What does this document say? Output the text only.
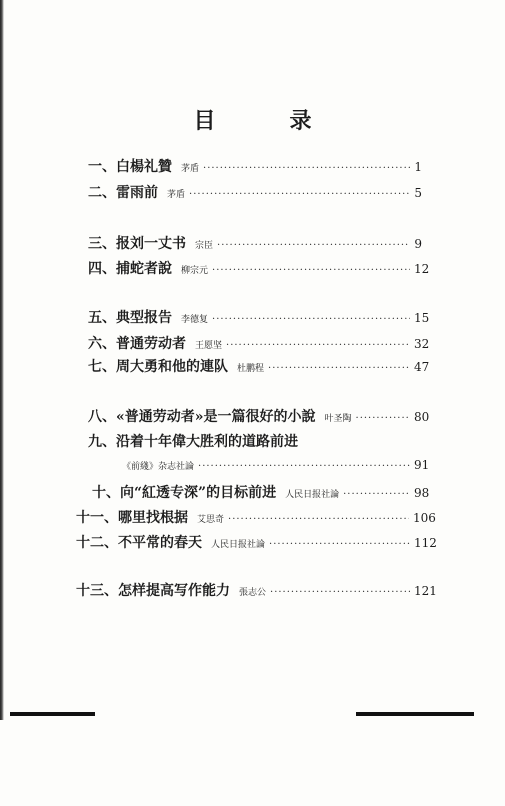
目　录
一、 白楊礼贊 茅盾 ·····	1
二、 雷雨前 茅盾 ·····	5
三、 报刘一丈书 宗臣 ·····	9
四、 捕蛇者說 柳宗元 ·····	12
五、 典型报告 李德复 ·····	15
六、 普通劳动者 王愿坚 ·····	32
七、 周大勇和他的連队 杜鹏程 ·····	47
八、 «普通劳动者»是一篇很好的小說 叶圣陶 ·····	80
九、 沿着十年偉大胜利的道路前进
《前綫》杂志社論 ·····	91
十、 向“紅透专深”的目标前进 人民日报社論 ·····	98
十一、 哪里找根据 艾思奇 ·····	106
十二、 不平常的春天 人民日报社論 ·····	112
十三、 怎样提高写作能力 張志公 ·····	121
